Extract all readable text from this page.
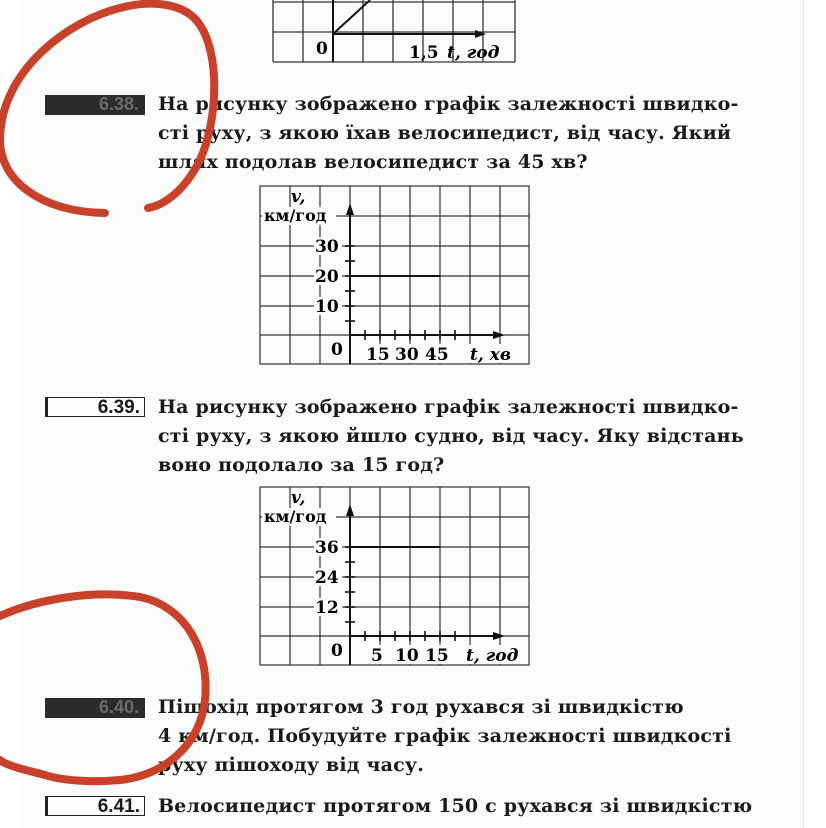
0	1,5 t, год
6.38. На рисунку зображено графік залежності швидко-
сті руху, з якою їхав велосипедист, від часу. Який
шлях подолав велосипедист за 45 хв?
v,
км/год
30
20
10
0 15 30 45 t, хв
6.39. На рисунку зображено графік залежності швидко-
сті руху, з якою йшло судно, від часу. Яку відстань
воно подолало за 15 год?
v,
км/год
36
24
12
0 5 10 15 t, год
6.40. Пішохід протягом 3 год рухався зі швидкістю
4 км/год. Побудуйте графік залежності швидкості
руху пішоходу від часу.
6.41. Велосипедист протягом 150 с рухався зі швидкістю
